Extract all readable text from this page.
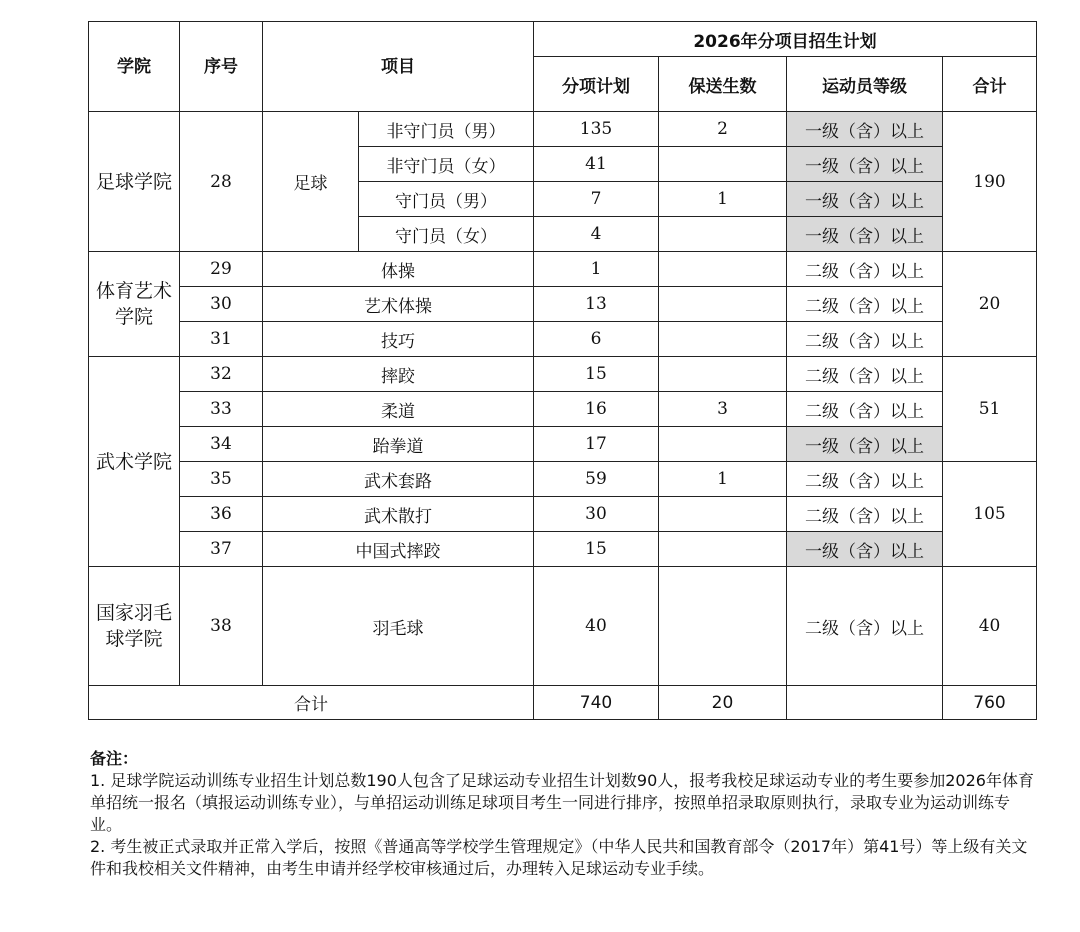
学院	序号	项目		2026年分项目招生计划			
				分项计划	保送生数	运动员等级	合计
足球学院	28	足球	非守门员（男）	135	2	一级（含）以上	190
			非守门员（女）	41		一级（含）以上	
			守门员（男）	7	1	一级（含）以上	
			守门员（女）	4		一级（含）以上	
体育艺术学院	29	体操		1		二级（含）以上	20
	30	艺术体操		13		二级（含）以上	
	31	技巧		6		二级（含）以上	
武术学院	32	摔跤		15		二级（含）以上	51
	33	柔道		16	3	二级（含）以上	
	34	跆拳道		17		一级（含）以上	
	35	武术套路		59	1	二级（含）以上	105
	36	武术散打		30		二级（含）以上	
	37	中国式摔跤		15		一级（含）以上	
国家羽毛球学院	38	羽毛球		40		二级（含）以上	40
合计				740	20		760

备注：

1. 足球学院运动训练专业招生计划总数190人包含了足球运动专业招生计划数90人，报考我校足球运动专业的考生要参加2026年体育单招统一报名（填报运动训练专业），与单招运动训练足球项目考生一同进行排序，按照单招录取原则执行，录取专业为运动训练专业。

2. 考生被正式录取并正常入学后，按照《普通高等学校学生管理规定》（中华人民共和国教育部令（2017年）第41号）等上级有关文件和我校相关文件精神，由考生申请并经学校审核通过后，办理转入足球运动专业手续。
